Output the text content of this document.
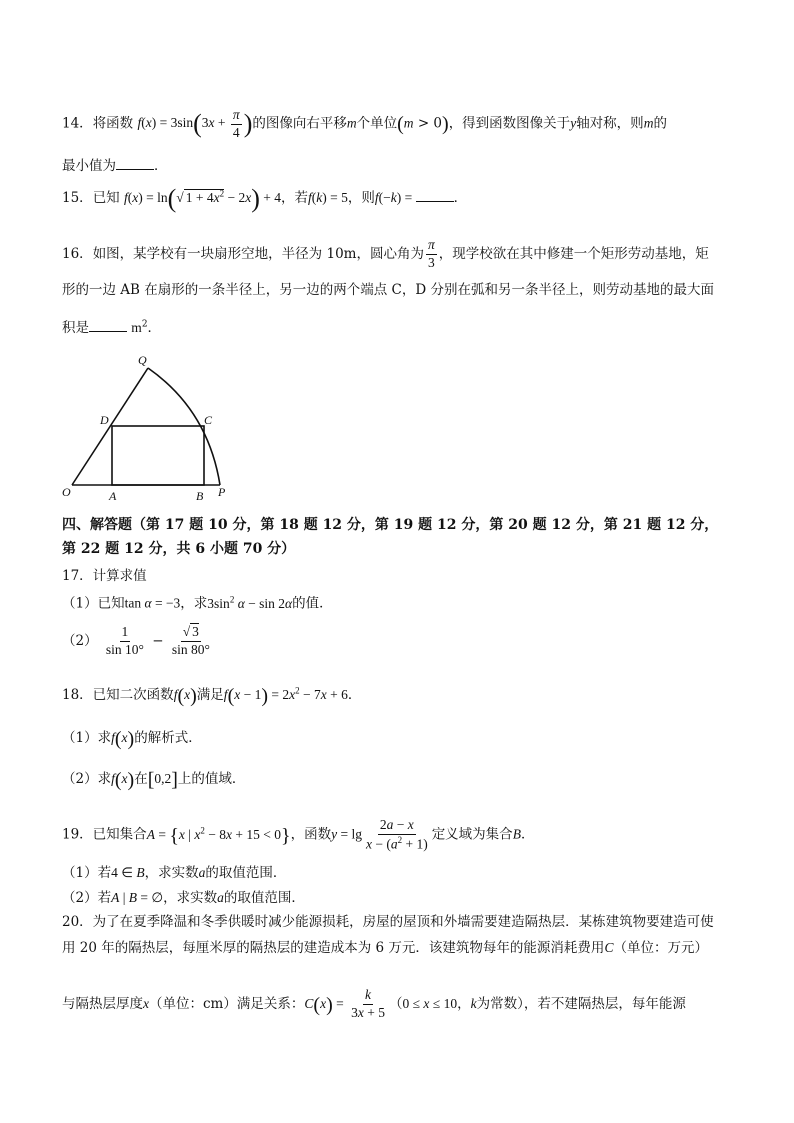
14．将函数 $f(x) = 3\sin(3x + \frac{\pi}{4}$ )的图像向右平移m个单位(m > 0)，得到函数图像关于y轴对称，则m的
最小值为	．
15．已知 f(x) = ln(√ $1 + 4x^2 - 2x) + 4$，若f(k) = 5，则f(−k) =	．
16．如图，某学校有一块扇形空地，半径为 10m，圆心角为 $\frac{\pi}{3}$ ，现学校欲在其中修建一个矩形劳动基地，矩
形的一边 AB 在扇形的一条半径上，另一边的两个端点 C，D 分别在弧和另一条半径上，则劳动基地的最大面
积是	$m^2$．
Q
D	C
O	A	B P
四、解答题（第 17 题 10 分，第 18 题 12 分，第 19 题 12 分，第 20 题 12 分，第 21 题 12 分，
第 22 题 12 分，共 6 小题 70 分）
17．计算求值
（1）已知tan α = −3，求$3\sin^2$ α − sin 2α的值．
$(2) \frac{1}{\sin 10^\circ} - \frac{√ 3}{\sin 80^\circ}$
18．已知二次函数f(x)满足$f(x - 1) = 2x^2 - 7x + 6$．
（1）求f(x)的解析式．
（2）求f(x)在[0,2]上的值域．
19．已知集合A = {x | $x^2 - 8x + 15 < 0$}，函数$y = \lg \frac{2a - x}{x - (a^2 + 1)}$ 定义域为集合B．
（1）若4 ∈ B，求实数a的取值范围．
（2）若A | B = ∅，求实数a的取值范围．
20．为了在夏季降温和冬季供暖时减少能源损耗，房屋的屋顶和外墙需要建造隔热层．某栋建筑物要建造可使
用 20 年的隔热层，每厘米厚的隔热层的建造成本为 6 万元．该建筑物每年的能源消耗费用C（单位：万元）
与隔热层厚度x（单位：cm）满足关系：$C(x) = \frac{k}{3x + 5} (0 \le x \le 10$，k为常数），若不建隔热层，每年能源
